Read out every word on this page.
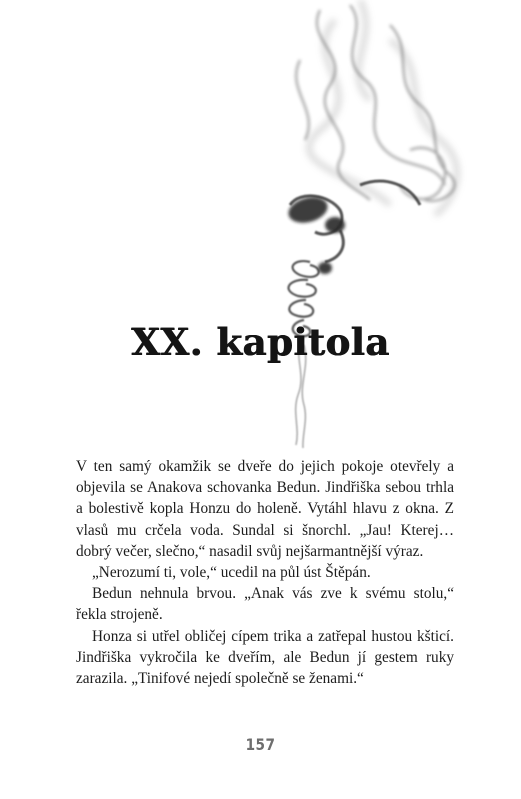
XX. kapitola

V ten samý okamžik se dveře do jejich pokoje otevřely a objevila se Anakova schovanka Bedun. Jindřiška sebou trhla a bolestivě kopla Honzu do holeně. Vytáhl hlavu z okna. Z vlasů mu crčela voda. Sundal si šnorchl. „Jau! Kterej… dobrý večer, slečno,“ nasadil svůj nejšarmantnější výraz.

„Nerozumí ti, vole,“ ucedil na půl úst Štěpán.

Bedun nehnula brvou. „Anak vás zve k svému stolu,“ řekla strojeně.

Honza si utřel obličej cípem trika a zatřepal hustou kšticí. Jindřiška vykročila ke dveřím, ale Bedun jí gestem ruky zarazila. „Tinifové nejedí společně se ženami.“

157
